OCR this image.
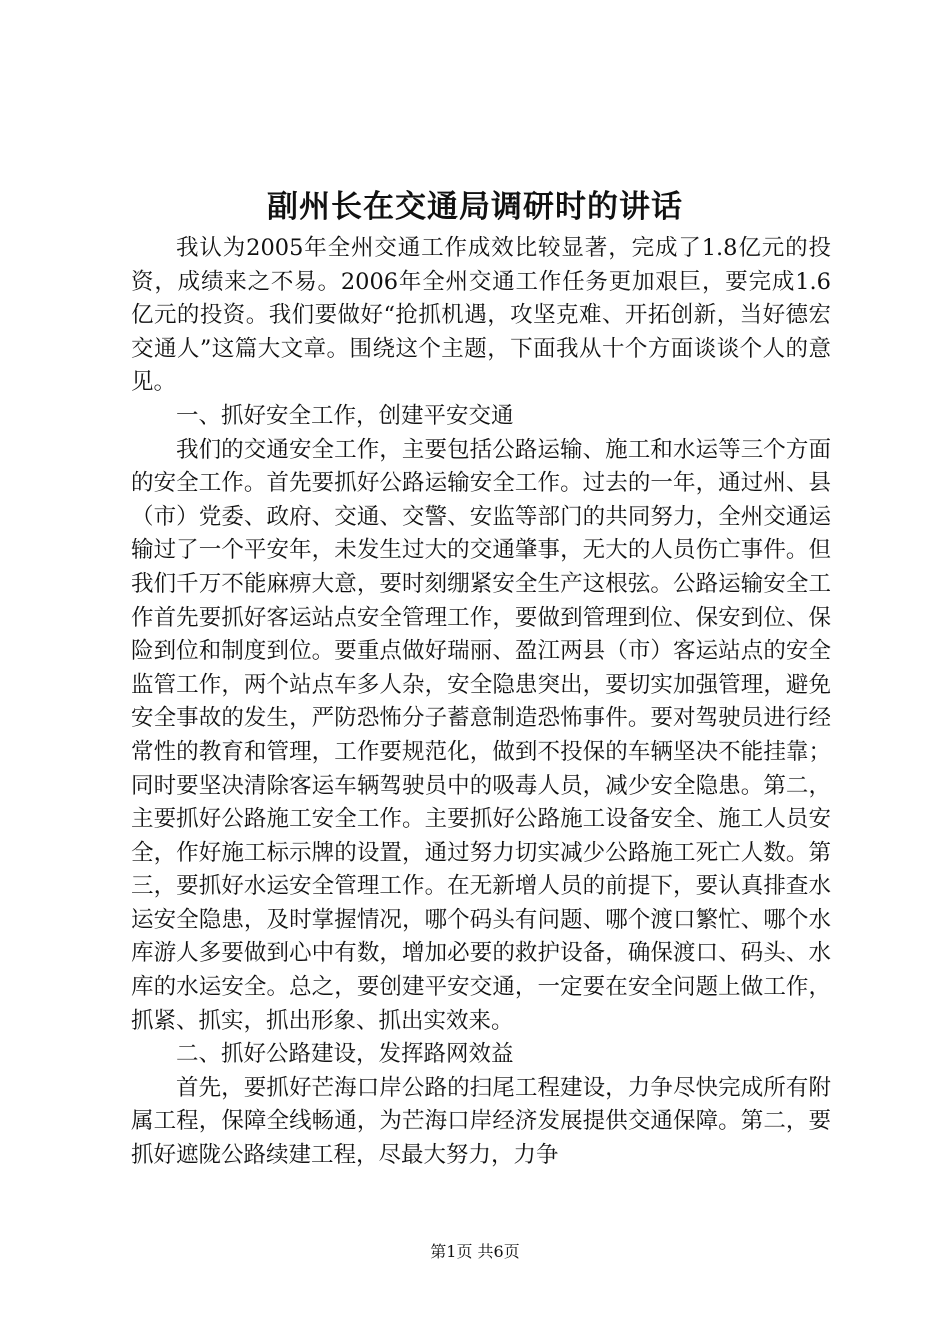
副州长在交通局调研时的讲话

我认为2005年全州交通工作成效比较显著，完成了1.8亿元的投资，成绩来之不易。2006年全州交通工作任务更加艰巨，要完成1.6亿元的投资。我们要做好“抢抓机遇，攻坚克难、开拓创新，当好德宏交通人”这篇大文章。围绕这个主题，下面我从十个方面谈谈个人的意见。

一、抓好安全工作，创建平安交通

我们的交通安全工作，主要包括公路运输、施工和水运等三个方面的安全工作。首先要抓好公路运输安全工作。过去的一年，通过州、县（市）党委、政府、交通、交警、安监等部门的共同努力，全州交通运输过了一个平安年，未发生过大的交通肇事，无大的人员伤亡事件。但我们千万不能麻痹大意，要时刻绷紧安全生产这根弦。公路运输安全工作首先要抓好客运站点安全管理工作，要做到管理到位、保安到位、保险到位和制度到位。要重点做好瑞丽、盈江两县（市）客运站点的安全监管工作，两个站点车多人杂，安全隐患突出，要切实加强管理，避免安全事故的发生，严防恐怖分子蓄意制造恐怖事件。要对驾驶员进行经常性的教育和管理，工作要规范化，做到不投保的车辆坚决不能挂靠；同时要坚决清除客运车辆驾驶员中的吸毒人员，减少安全隐患。第二，主要抓好公路施工安全工作。主要抓好公路施工设备安全、施工人员安全，作好施工标示牌的设置，通过努力切实减少公路施工死亡人数。第三，要抓好水运安全管理工作。在无新增人员的前提下，要认真排查水运安全隐患，及时掌握情况，哪个码头有问题、哪个渡口繁忙、哪个水库游人多要做到心中有数，增加必要的救护设备，确保渡口、码头、水库的水运安全。总之，要创建平安交通，一定要在安全问题上做工作，抓紧、抓实，抓出形象、抓出实效来。

二、抓好公路建设，发挥路网效益

首先，要抓好芒海口岸公路的扫尾工程建设，力争尽快完成所有附属工程，保障全线畅通，为芒海口岸经济发展提供交通保障。第二，要抓好遮陇公路续建工程，尽最大努力，力争

第1页 共6页
